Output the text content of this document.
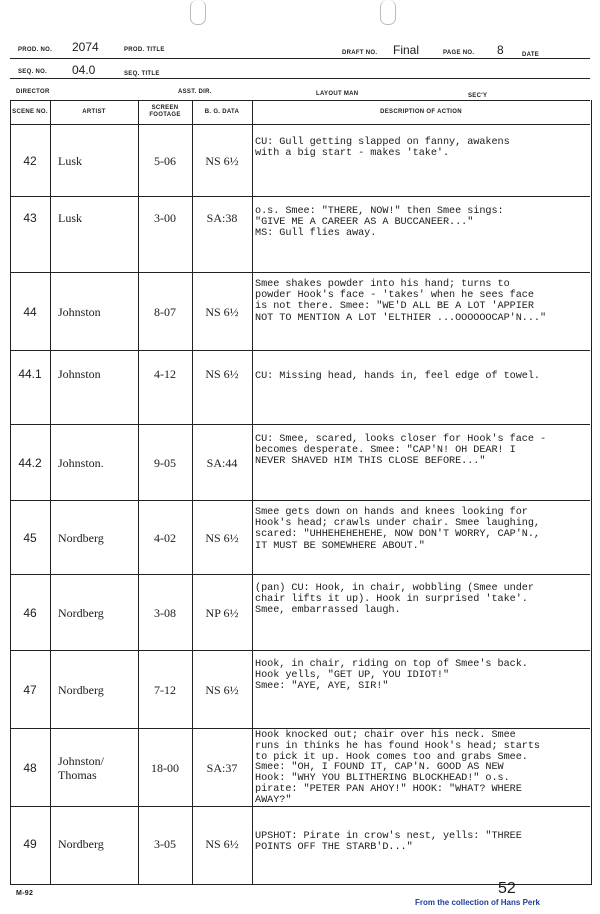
PROD. NO. 2074	PROD. TITLE	DRAFT NO. Final	PAGE NO. 8	DATE
SEQ. NO. 04.0	SEQ. TITLE
DIRECTOR	ASST. DIR.	LAYOUT MAN	SEC'Y
SCENE NO.	ARTIST
SCREEN FOOTAGE
B. G. DATA	DESCRIPTION OF ACTION
42	Lusk	5-06	NS 6½
CU: Gull getting slapped on fanny, awakens
with a big start - makes 'take'.
43	Lusk	3-00	SA:38	o.s. Smee: "THERE, NOW!" then Smee sings:
"GIVE ME A CAREER AS A BUCCANEER..."
MS: Gull flies away.
44	Johnston	8-07	NS 6½
Smee shakes powder into his hand; turns to
powder Hook's face - 'takes' when he sees face
is not there. Smee: "WE'D ALL BE A LOT 'APPIER
NOT TO MENTION A LOT 'ELTHIER ...OOOOOOCAP'N..."
44.1	Johnston	4-12	NS 6½	CU: Missing head, hands in, feel edge of towel.
44.2	Johnston.	9-05	SA:44
CU: Smee, scared, looks closer for Hook's face -
becomes desperate. Smee: "CAP'N! OH DEAR! I
NEVER SHAVED HIM THIS CLOSE BEFORE..."
45	Nordberg	4-02	NS 6½
Smee gets down on hands and knees looking for
Hook's head; crawls under chair. Smee laughing,
scared: "UHHEHEHEHEHE, NOW DON'T WORRY, CAP'N.,
IT MUST BE SOMEWHERE ABOUT."
46	Nordberg	3-08	NP 6½
(pan) CU: Hook, in chair, wobbling (Smee under
chair lifts it up). Hook in surprised 'take'.
Smee, embarrassed laugh.
47	Nordberg	7-12	NS 6½
Hook, in chair, riding on top of Smee's back.
Hook yells, "GET UP, YOU IDIOT!"
Smee: "AYE, AYE, SIR!"
48	Johnston/
Thomas
18-00	SA:37
Hook knocked out; chair over his neck. Smee
runs in thinks he has found Hook's head; starts
to pick it up. Hook comes too and grabs Smee.
Smee: "OH, I FOUND IT, CAP'N. GOOD AS NEW
Hook: "WHY YOU BLITHERING BLOCKHEAD!" o.s.
pirate: "PETER PAN AHOY!" HOOK: "WHAT? WHERE
AWAY?"
49	Nordberg	3-05	NS 6½
UPSHOT: Pirate in crow's nest, yells: "THREE
POINTS OFF THE STARB'D..."
M-92	52
From the collection of Hans Perk
